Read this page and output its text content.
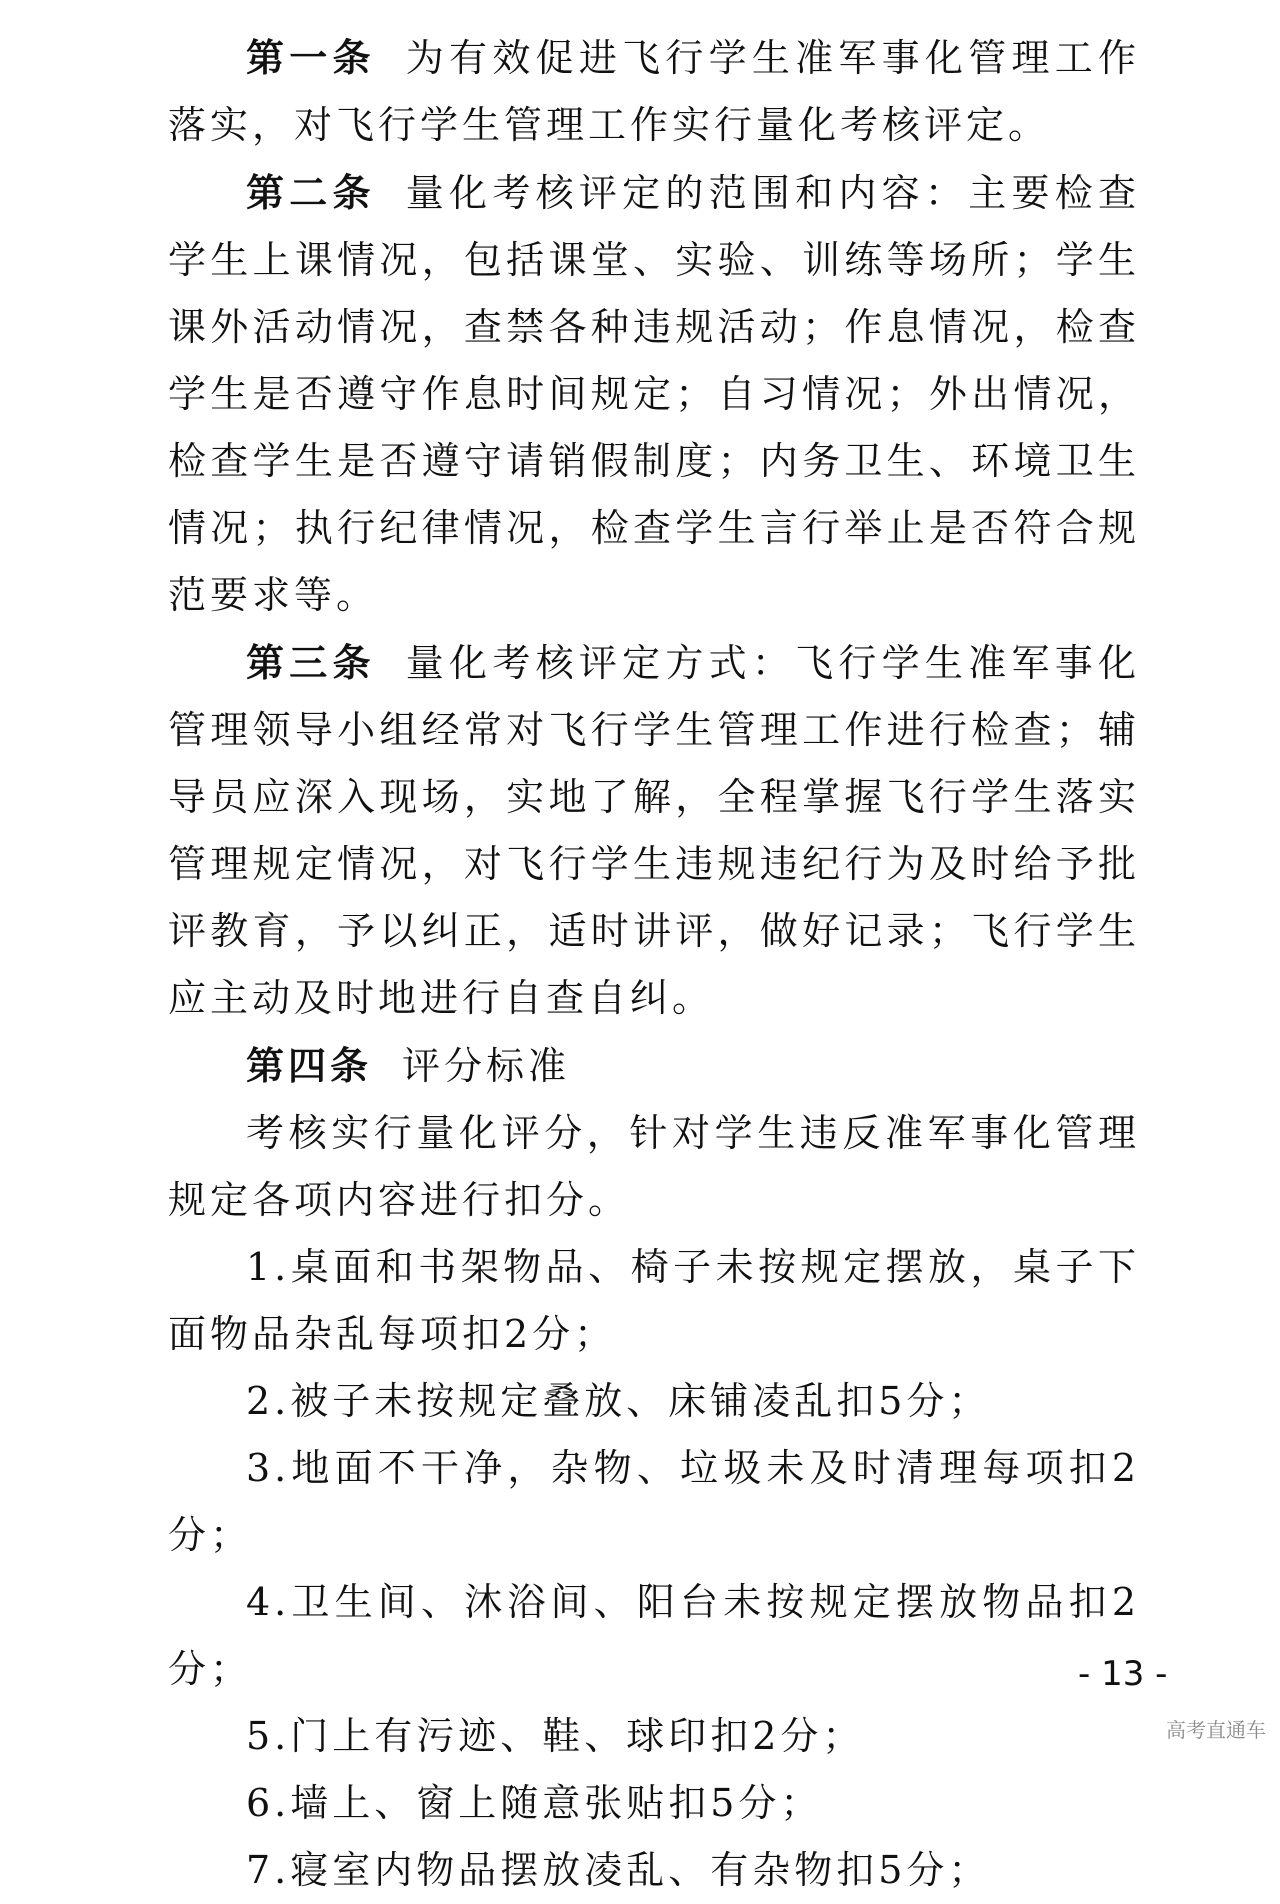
第一条 为有效促进飞行学生准军事化管理工作落实，对飞行学生管理工作实行量化考核评定。

第二条 量化考核评定的范围和内容：主要检查学生上课情况，包括课堂、实验、训练等场所；学生课外活动情况，查禁各种违规活动；作息情况，检查学生是否遵守作息时间规定；自习情况；外出情况，检查学生是否遵守请销假制度；内务卫生、环境卫生情况；执行纪律情况，检查学生言行举止是否符合规范要求等。

第三条 量化考核评定方式：飞行学生准军事化管理领导小组经常对飞行学生管理工作进行检查；辅导员应深入现场，实地了解，全程掌握飞行学生落实管理规定情况，对飞行学生违规违纪行为及时给予批评教育，予以纠正，适时讲评，做好记录；飞行学生应主动及时地进行自查自纠。

第四条 评分标准

考核实行量化评分，针对学生违反准军事化管理规定各项内容进行扣分。

1.桌面和书架物品、椅子未按规定摆放，桌子下面物品杂乱每项扣2分；

2.被子未按规定叠放、床铺凌乱扣5分；

3.地面不干净，杂物、垃圾未及时清理每项扣2分；

4.卫生间、沐浴间、阳台未按规定摆放物品扣2分；

5.门上有污迹、鞋、球印扣2分；

6.墙上、窗上随意张贴扣5分；

7.寝室内物品摆放凌乱、有杂物扣5分；

- 13 -
高考直通车
